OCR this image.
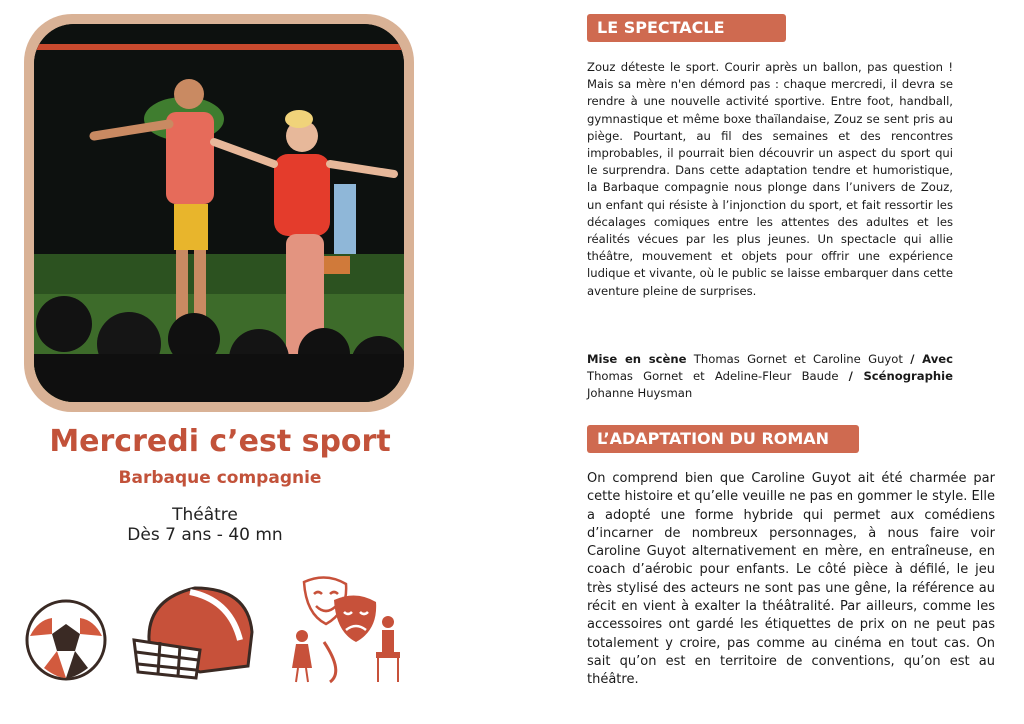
Mercredi c’est sport
Barbaque compagnie
Théâtre
Dès 7 ans - 40 mn
LE SPECTACLE
Zouz déteste le sport. Courir après un ballon, pas question ! Mais sa mère n'en démord pas : chaque mercredi, il devra se rendre à une nouvelle activité sportive. Entre foot, handball, gymnastique et même boxe thaïlandaise, Zouz se sent pris au piège. Pourtant, au fil des semaines et des rencontres improbables, il pourrait bien découvrir un aspect du sport qui le surprendra. Dans cette adaptation tendre et humoristique, la Barbaque compagnie nous plonge dans l’univers de Zouz, un enfant qui résiste à l’injonction du sport, et fait ressortir les décalages comiques entre les attentes des adultes et les réalités vécues par les plus jeunes. Un spectacle qui allie théâtre, mouvement et objets pour offrir une expérience ludique et vivante, où le public se laisse embarquer dans cette aventure pleine de surprises.
Mise en scène Thomas Gornet et Caroline Guyot / Avec Thomas Gornet et Adeline-Fleur Baude / Scénographie Johanne Huysman
L’ADAPTATION DU ROMAN
On comprend bien que Caroline Guyot ait été charmée par cette histoire et qu’elle veuille ne pas en gommer le style. Elle a adopté une forme hybride qui permet aux comédiens d’incarner de nombreux personnages, à nous faire voir Caroline Guyot alternativement en mère, en entraîneuse, en coach d’aérobic pour enfants. Le côté pièce à défilé, le jeu très stylisé des acteurs ne sont pas une gêne, la référence au récit en vient à exalter la théâtralité. Par ailleurs, comme les accessoires ont gardé les étiquettes de prix on ne peut pas totalement y croire, pas comme au cinéma en tout cas. On sait qu’on est en territoire de conventions, qu’on est au théâtre.
